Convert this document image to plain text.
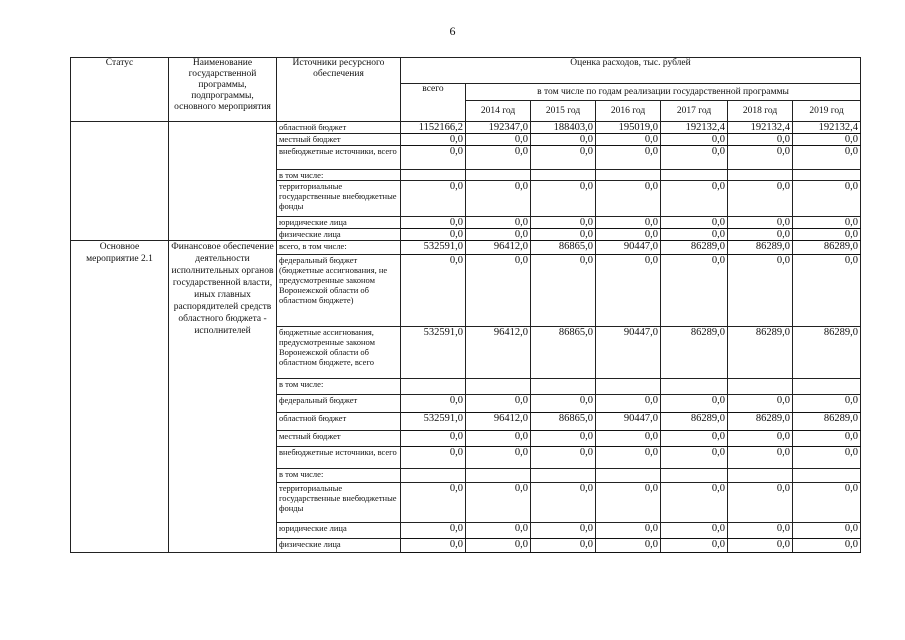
6
Статус	Наименование государственной программы, подпрограммы, основного мероприятия	Источники ресурсного обеспечения	Оценка расходов, тыс. рублей						
			всего	в том числе по годам реализации государственной программы					
				2014 год	2015 год	2016 год	2017 год	2018 год	2019 год
		областной бюджет	1152166,2	192347,0	188403,0	195019,0	192132,4	192132,4	192132,4
		местный бюджет	0,0	0,0	0,0	0,0	0,0	0,0	0,0
		внебюджетные источники, всего	0,0	0,0	0,0	0,0	0,0	0,0	0,0
		в том числе:							
		территориальные государственные внебюджетные фонды	0,0	0,0	0,0	0,0	0,0	0,0	0,0
		юридические лица	0,0	0,0	0,0	0,0	0,0	0,0	0,0
		физические лица	0,0	0,0	0,0	0,0	0,0	0,0	0,0
Основное мероприятие 2.1	Финансовое обеспечение деятельности исполнительных органов государственной власти, иных главных распорядителей средств областного бюджета - исполнителей	всего, в том числе:	532591,0	96412,0	86865,0	90447,0	86289,0	86289,0	86289,0
		федеральный бюджет (бюджетные ассигнования, не предусмотренные законом Воронежской области об областном бюджете)	0,0	0,0	0,0	0,0	0,0	0,0	0,0
		бюджетные ассигнования, предусмотренные законом Воронежской области об областном бюджете, всего	532591,0	96412,0	86865,0	90447,0	86289,0	86289,0	86289,0
		в том числе:							
		федеральный бюджет	0,0	0,0	0,0	0,0	0,0	0,0	0,0
		областной бюджет	532591,0	96412,0	86865,0	90447,0	86289,0	86289,0	86289,0
		местный бюджет	0,0	0,0	0,0	0,0	0,0	0,0	0,0
		внебюджетные источники, всего	0,0	0,0	0,0	0,0	0,0	0,0	0,0
		в том числе:							
		территориальные государственные внебюджетные фонды	0,0	0,0	0,0	0,0	0,0	0,0	0,0
		юридические лица	0,0	0,0	0,0	0,0	0,0	0,0	0,0
		физические лица	0,0	0,0	0,0	0,0	0,0	0,0	0,0
